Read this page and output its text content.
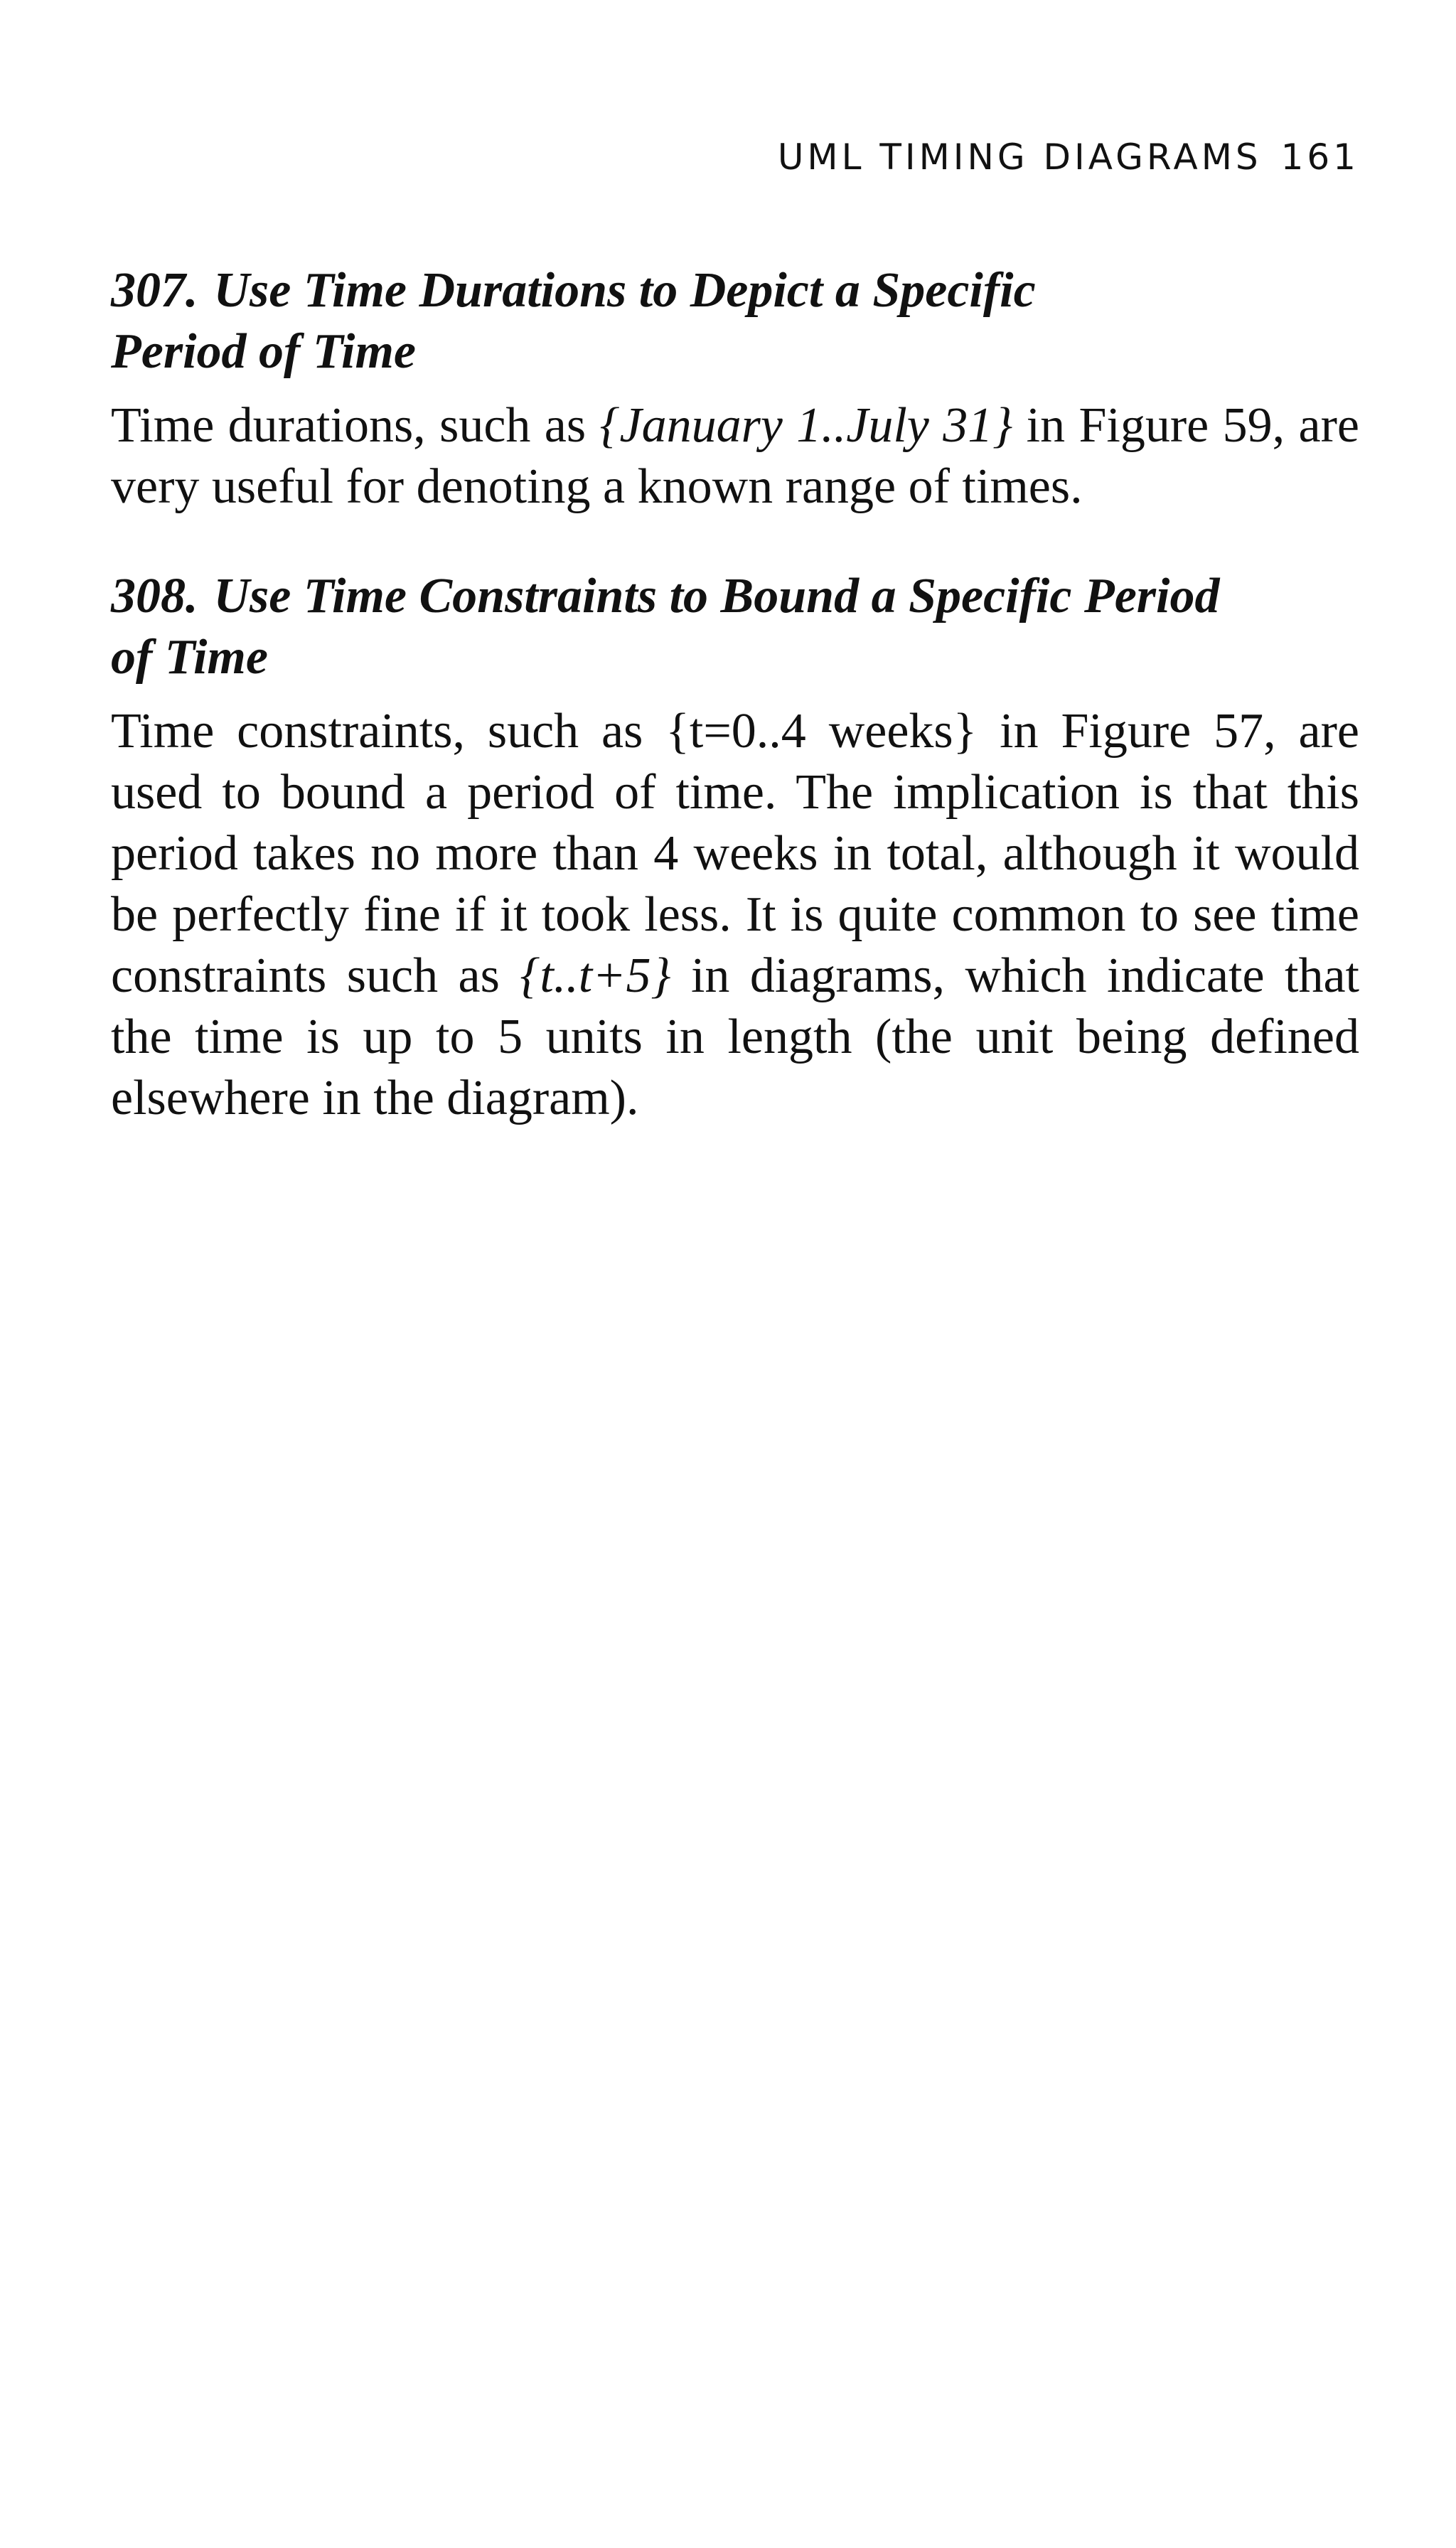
UML TIMING DIAGRAMS 161
307. Use Time Durations to Depict a Specific
Period of Time

Time durations, such as {January 1..July 31} in Figure 59, are very useful for denoting a known range of times.

308. Use Time Constraints to Bound a Specific Period
of Time

Time constraints, such as {t=0..4 weeks} in Figure 57, are used to bound a period of time. The implication is that this period takes no more than 4 weeks in total, although it would be perfectly fine if it took less. It is quite common to see time constraints such as {t..t+5} in diagrams, which indicate that the time is up to 5 units in length (the unit being defined elsewhere in the diagram).
